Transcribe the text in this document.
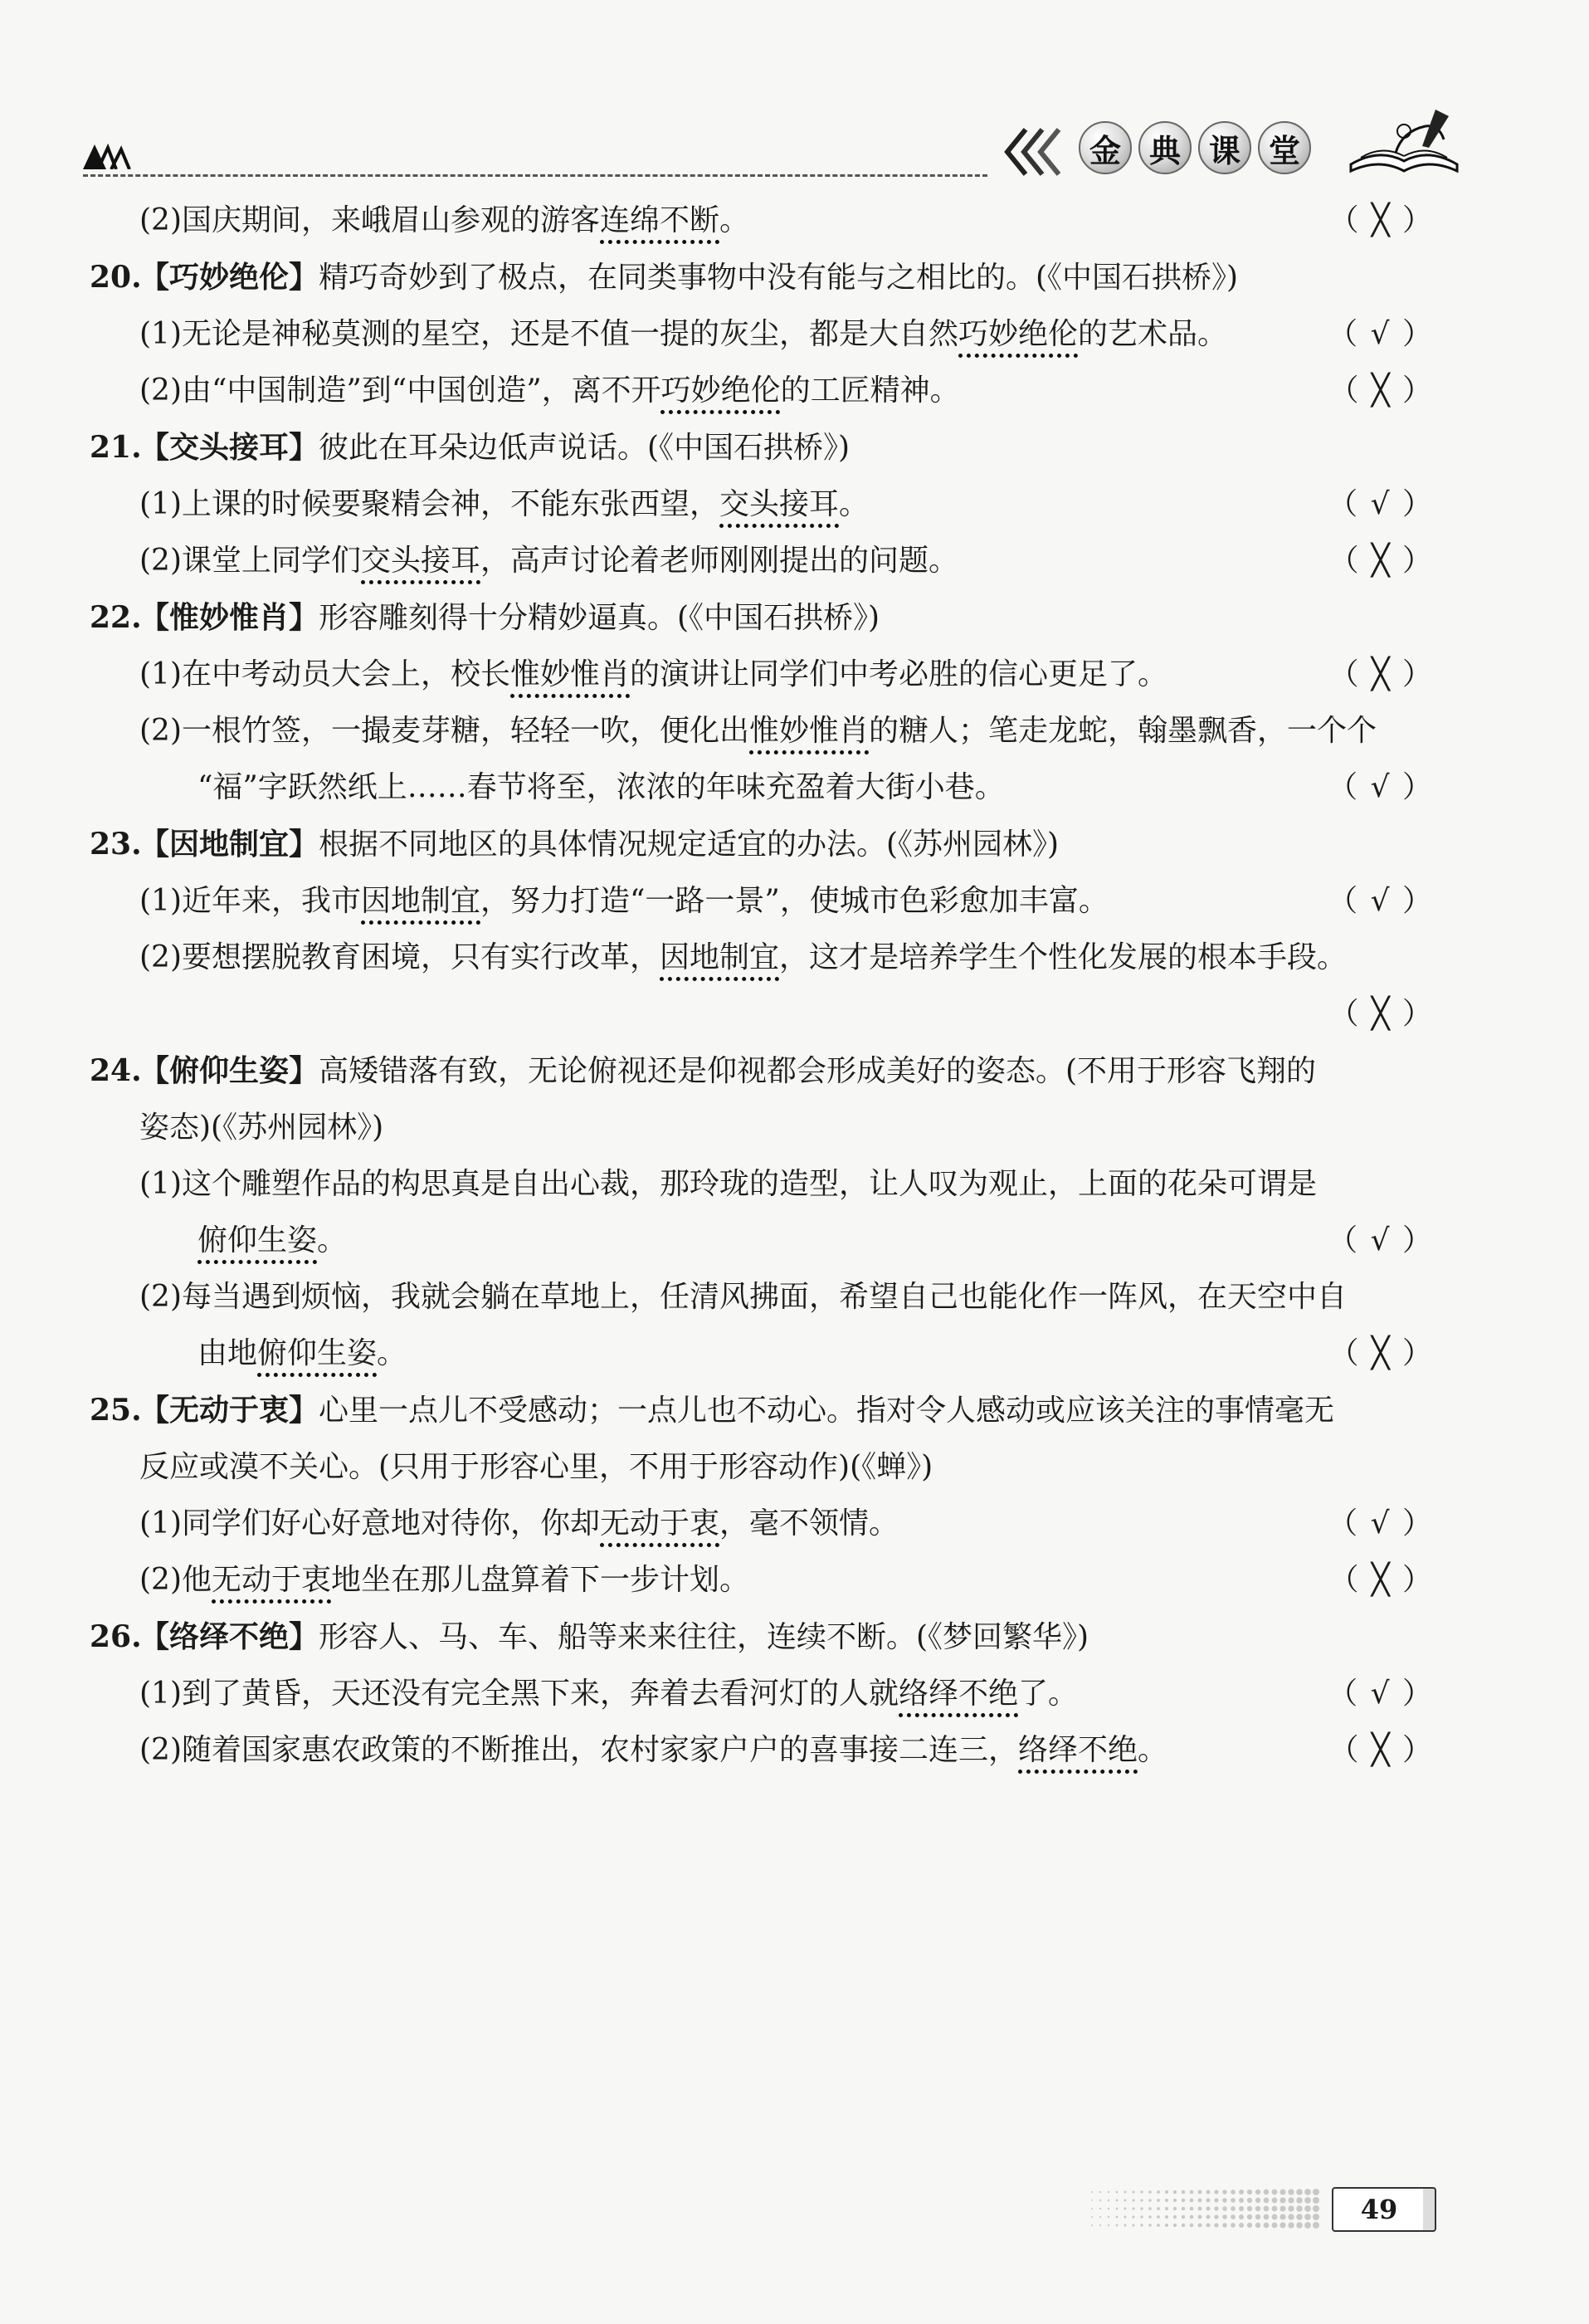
金 典 课 堂
(2) 国庆期间，来峨眉山参观的游客连绵不断。	（ ╳ ）
20.
【巧妙绝伦】 精巧奇妙到了极点，在同类事物中没有能与之相比的。(《中国石拱桥》)
(1) 无论是神秘莫测的星空，还是不值一提的灰尘，都是大自然巧妙绝伦的艺术品。	（ √ ）
(2) 由“中国制造”到“中国创造”，离不开巧妙绝伦的工匠精神。	（ ╳ ）
21.
【交头接耳】 彼此在耳朵边低声说话。(《中国石拱桥》)
(1) 上课的时候要聚精会神，不能东张西望，交头接耳。	（ √ ）
(2) 课堂上同学们交头接耳，高声讨论着老师刚刚提出的问题。	（ ╳ ）
22.
【惟妙惟肖】 形容雕刻得十分精妙逼真。(《中国石拱桥》)
(1) 在中考动员大会上，校长惟妙惟肖的演讲让同学们中考必胜的信心更足了。	（ ╳ ）
(2) 一根竹签，一撮麦芽糖，轻轻一吹，便化出惟妙惟肖的糖人；笔走龙蛇，翰墨飘香，一个个
“福”字跃然纸上……春节将至，浓浓的年味充盈着大街小巷。	（ √ ）
23.
【因地制宜】 根据不同地区的具体情况规定适宜的办法。(《苏州园林》)
(1) 近年来，我市因地制宜，努力打造“一路一景”，使城市色彩愈加丰富。	（ √ ）
(2) 要想摆脱教育困境，只有实行改革，因地制宜，这才是培养学生个性化发展的根本手段。
（ ╳ ）
24.
【俯仰生姿】 高矮错落有致，无论俯视还是仰视都会形成美好的姿态。(不用于形容飞翔的
姿态)(《苏州园林》)
(1) 这个雕塑作品的构思真是自出心裁，那玲珑的造型，让人叹为观止，上面的花朵可谓是
俯仰生姿。	（ √ ）
(2) 每当遇到烦恼，我就会躺在草地上，任清风拂面，希望自己也能化作一阵风，在天空中自
由地俯仰生姿。	（ ╳ ）
25.
【无动于衷】 心里一点儿不受感动；一点儿也不动心。指对令人感动或应该关注的事情毫无
反应或漠不关心。(只用于形容心里，不用于形容动作)(《蝉》)
(1) 同学们好心好意地对待你，你却无动于衷，毫不领情。	（ √ ）
(2) 他无动于衷地坐在那儿盘算着下一步计划。	（ ╳ ）
26.
【络绎不绝】 形容人、马、车、船等来来往往，连续不断。(《梦回繁华》)
(1) 到了黄昏，天还没有完全黑下来，奔着去看河灯的人就络绎不绝了。	（ √ ）
(2) 随着国家惠农政策的不断推出，农村家家户户的喜事接二连三，络绎不绝。	（ ╳ ）
49
